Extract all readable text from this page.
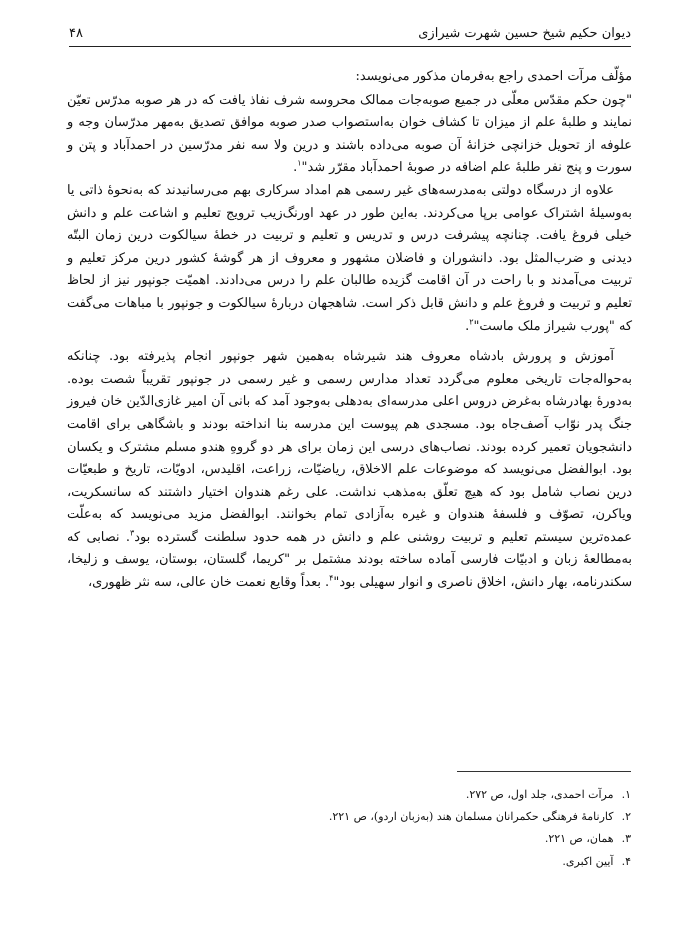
دیوان حکیم شیخ حسین شهرت شیرازی
۴۸

مؤلّف مرآت احمدی راجع به‌فرمان مذکور می‌نویسد:

"چون حکم مقدّس معلّی در جمیع صوبه‌جات ممالک محروسه شرف نفاذ یافت که در هر صوبه مدرّس تعیّن نمایند و طلبهٔ علم از میزان تا کشاف خوان به‌استصواب صدر صوبه موافق تصدیق به‌مهر مدرّسان وجه و علوفه از تحویل خزانچی خزانهٔ آن صوبه می‌داده باشند و درین ولا سه نفر مدرّسین در احمدآباد و پتن و سورت و پنج نفر طلبهٔ علم اضافه در صوبهٔ احمدآباد مقرّر شد"$^۱$.

علاوه از درسگاه دولتی به‌مدرسه‌های غیر رسمی هم امداد سرکاری بهم می‌رسانیدند که به‌نحوهٔ ذاتی یا به‌وسیلهٔ اشتراک عوامی برپا می‌کردند. به‌این طور در عهد اورنگ‌زیب ترویج تعلیم و اشاعت علم و دانش خیلی فروغ یافت. چنانچه پیشرفت درس و تدریس و تعلیم و تربیت در خطهٔ سیالکوت درین زمان البتّه دیدنی و ضرب‌المثل بود. دانشوران و فاضلان مشهور و معروف از هر گوشهٔ کشور درین مرکز تعلیم و تربیت می‌آمدند و با راحت در آن اقامت گزیده طالبان علم را درس می‌دادند. اهمیّت جونپور نیز از لحاظ تعلیم و تربیت و فروغ علم و دانش قابل ذکر است. شاهجهان دربارهٔ سیالکوت و جونپور با مباهات می‌گفت که "پورب شیراز ملک ماست"$^۲$.

آموزش و پرورش بادشاه معروف هند شیرشاه به‌همین شهر جونپور انجام پذیرفته بود. چنانکه به‌حواله‌جات تاریخی معلوم می‌گردد تعداد مدارس رسمی و غیر رسمی در جونپور تقریباً شصت بوده. به‌دورهٔ بهادرشاه به‌غرض دروس اعلی مدرسه‌ای به‌دهلی به‌وجود آمد که بانی آن امیر غازی‌الدّین خان فیروز جنگ پدر نوّاب آصف‌جاه بود. مسجدی هم پیوست این مدرسه بنا انداخته بودند و باشگاهی برای اقامت دانشجویان تعمیر کرده بودند. نصاب‌های درسی این زمان برای هر دو گروهِ هندو مسلم مشترک و یکسان بود. ابوالفضل می‌نویسد که موضوعات علم الاخلاق، ریاضیّات، زراعت، اقلیدس، ادویّات، تاریخ و طبعیّات درین نصاب شامل بود که هیچ تعلّق به‌مذهب نداشت. علی رغم هندوان اختیار داشتند که سانسکریت، ویاکرن، تصوّف و فلسفهٔ هندوان و غیره به‌آزادی تمام بخوانند. ابوالفضل مزید می‌نویسد که به‌علّت عمده‌ترین سیستم تعلیم و تربیت روشنی علم و دانش در همه حدود سلطنت گسترده بود$^۳$. نصابی که به‌مطالعهٔ زبان و ادبیّات فارسی آماده ساخته بودند مشتمل بر "کریما، گلستان، بوستان، یوسف و زلیخا، سکندرنامه، بهار دانش، اخلاق ناصری و انوار سهیلی بود"$^۴$. بعداً وقایع نعمت خان عالی، سه نثر ظهوری،

۱. مرآت احمدی، جلد اول، ص ۲۷۲.
۲. کارنامهٔ فرهنگی حکمرانان مسلمان هند (به‌زبان اردو)، ص ۲۲۱.
۳. همان، ص ۲۲۱.
۴. آیین اکبری.
